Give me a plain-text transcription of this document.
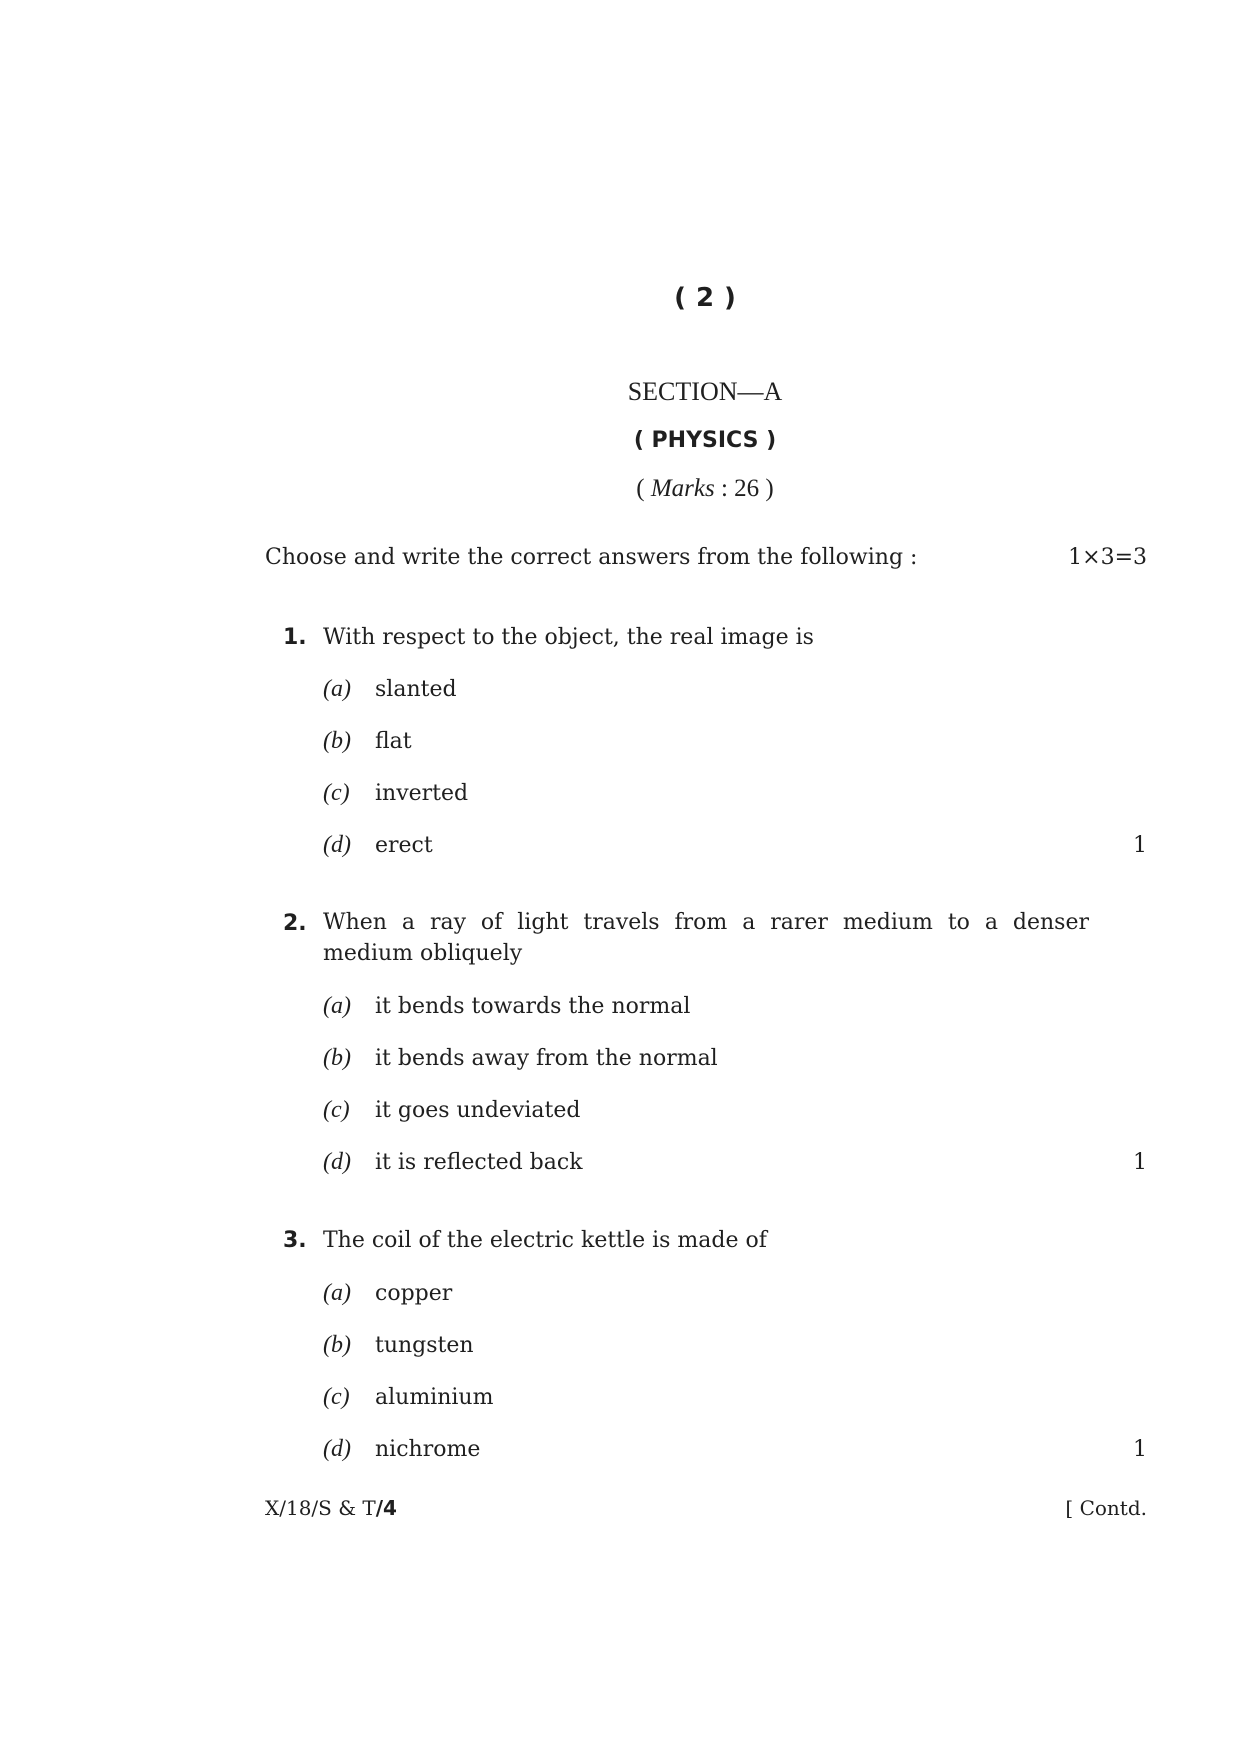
( 2 )
SECTION—A
( PHYSICS )
( Marks : 26 )
Choose and write the correct answers from the following :	1×3=3
1. With respect to the object, the real image is
(a) slanted
(b) flat
(c) inverted
(d) erect	1
2. When a ray of light travels from a rarer medium to a denser medium obliquely
(a) it bends towards the normal
(b) it bends away from the normal
(c) it goes undeviated
(d) it is reflected back	1
3. The coil of the electric kettle is made of
(a) copper
(b) tungsten
(c) aluminium
(d) nichrome	1
X/18/S & T/4	[ Contd.
